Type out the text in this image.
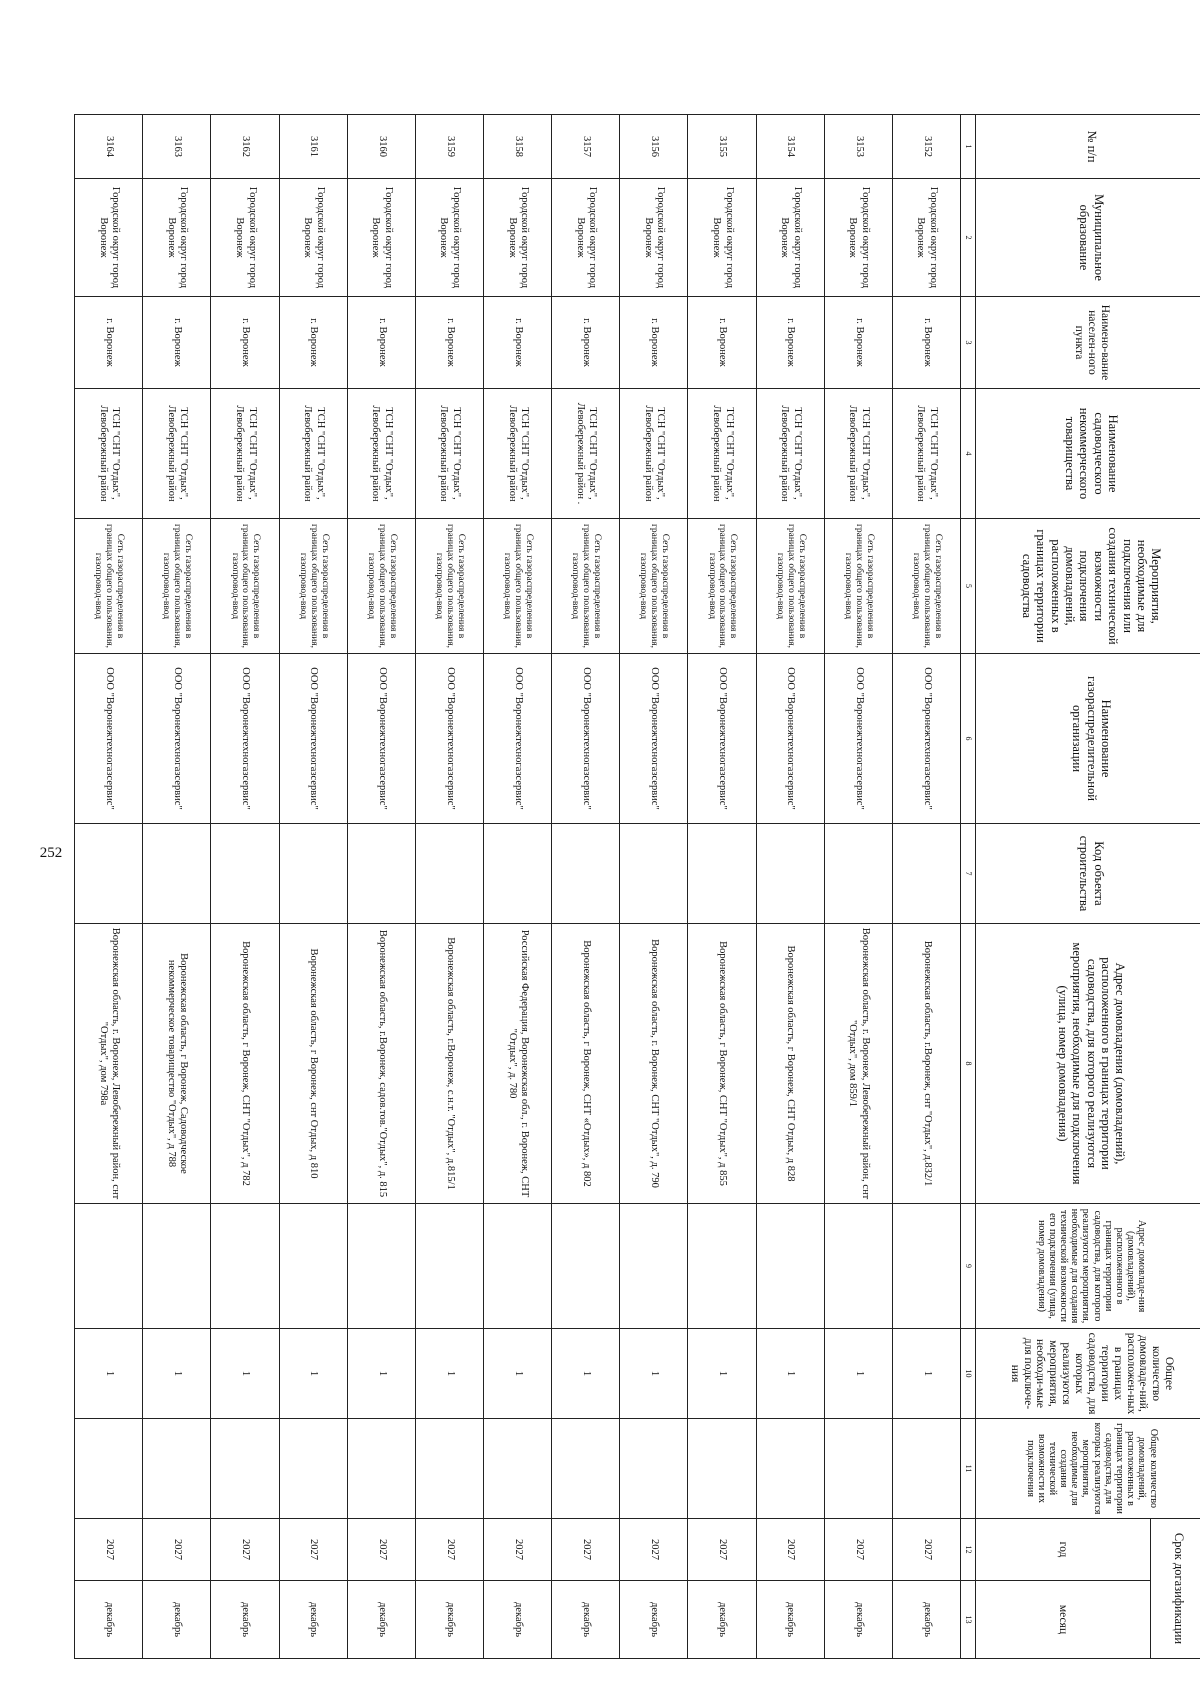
252
№ п/п	Муниципальное образование	Наимено-вание населен-ного пункта	Наименование садоводческого некоммерческого товарищества	Мероприятия, необходимые для подключения или создания технической возможности подключения домовладений, расположенных в границах территории садоводства	Наименование газораспределительной организации	Код объекта строительства	Адрес домовладения (домовладений), расположенного в границах территории садоводства, для которого реализуются мероприятия, необходимые для подключения (улица, номер домовладения)	Адрес домовладе-ния (домовладений), расположенного в границах территории садоводства, для которого реализуются мероприятия, необходимые для создания технической возможности его подключения (улица, номер домовладения)	Общее количество домовладе-ний, расположен-ных в границах территории садоводства, для которых реализуются мероприятия, необходи-мые для подключе-ния	Общее количество домовладений, расположенных в границах территории садоводства, для которых реализуются мероприятия, необходимые для создания технической возможности их подключения	Срок догазификации	
											год	месяц
1	2	3	4	5	6	7	8	9	10	11	12	13
3152	Городской округ город Воронеж	г. Воронеж	ТСН "СНТ "Отдых", Левобережный район	Сеть газораспределения в границах общего пользования, газопровод-ввод	ООО "Воронежтехногазсервис"		Воронежская область, г.Воронеж, снт "Отдых", д.832/1		1		2027	декабрь
3153	Городской округ город Воронеж	г. Воронеж	ТСН "СНТ "Отдых", Левобережный район	Сеть газораспределения в границах общего пользования, газопровод-ввод	ООО "Воронежтехногазсервис"		Воронежская область, г. Воронеж, Левобережный район, снт "Отдых", дом 859/1		1		2027	декабрь
3154	Городской округ город Воронеж	г. Воронеж	ТСН "СНТ "Отдых", Левобережный район	Сеть газораспределения в границах общего пользования, газопровод-ввод	ООО "Воронежтехногазсервис"		Воронежская область, г Воронеж, СНТ Отдых, д 828		1		2027	декабрь
3155	Городской округ город Воронеж	г. Воронеж	ТСН "СНТ "Отдых", Левобережный район	Сеть газораспределения в границах общего пользования, газопровод-ввод	ООО "Воронежтехногазсервис"		Воронежская область, г Воронеж, СНТ "Отдых", д 855		1		2027	декабрь
3156	Городской округ город Воронеж	г. Воронеж	ТСН "СНТ "Отдых", Левобережный район	Сеть газораспределения в границах общего пользования, газопровод-ввод	ООО "Воронежтехногазсервис"		Воронежская область, г. Воронеж, СНТ "Отдых", д. 790		1		2027	декабрь
3157	Городской округ город Воронеж	г. Воронеж	ТСН "СНТ "Отдых", Левобережный район .	Сеть газораспределения в границах общего пользования, газопровод-ввод	ООО "Воронежтехногазсервис"		Воронежская область, г Воронеж, СНТ «Отдых», д 802		1		2027	декабрь
3158	Городской округ город Воронеж	г. Воронеж	ТСН "СНТ "Отдых", Левобережный район	Сеть газораспределения в границах общего пользования, газопровод-ввод	ООО "Воронежтехногазсервис"		Российская Федерация, Воронежская обл., г. Воронеж, СНТ "Отдых", д. 780		1		2027	декабрь
3159	Городской округ город Воронеж	г. Воронеж	ТСН "СНТ "Отдых", Левобережный район	Сеть газораспределения в границах общего пользования, газопровод-ввод	ООО "Воронежтехногазсервис"		Воронежская область, г.Воронеж, с.н.т. "Отдых", д.815/1		1		2027	декабрь
3160	Городской округ город Воронеж	г. Воронеж	ТСН "СНТ "Отдых", Левобережный район	Сеть газораспределения в границах общего пользования, газопровод-ввод	ООО "Воронежтехногазсервис"		Воронежская область, г.Воронеж, садов.тов."Отдых", д. 815		1		2027	декабрь
3161	Городской округ город Воронеж	г. Воронеж	ТСН "СНТ "Отдых", Левобережный район	Сеть газораспределения в границах общего пользования, газопровод-ввод	ООО "Воронежтехногазсервис"		Воронежская область, г Воронеж, снт Отдых, д 810		1		2027	декабрь
3162	Городской округ город Воронеж	г. Воронеж	ТСН "СНТ "Отдых", Левобережный район	Сеть газораспределения в границах общего пользования, газопровод-ввод	ООО "Воронежтехногазсервис"		Воронежская область, г Воронеж, СНТ "Отдых", д 782		1		2027	декабрь
3163	Городской округ город Воронеж	г. Воронеж	ТСН "СНТ "Отдых", Левобережный район	Сеть газораспределения в границах общего пользования, газопровод-ввод	ООО "Воронежтехногазсервис"		Воронежская область, г Воронеж, Садоводческое некоммерческое товарищество "Отдых", д 788		1		2027	декабрь
3164	Городской округ город Воронеж	г. Воронеж	ТСН "СНТ "Отдых", Левобережный район	Сеть газораспределения в границах общего пользования, газопровод-ввод	ООО "Воронежтехногазсервис"		Воронежская область, г. Воронеж, Левобережный район, снт "Отдых", дом 798а		1		2027	декабрь
